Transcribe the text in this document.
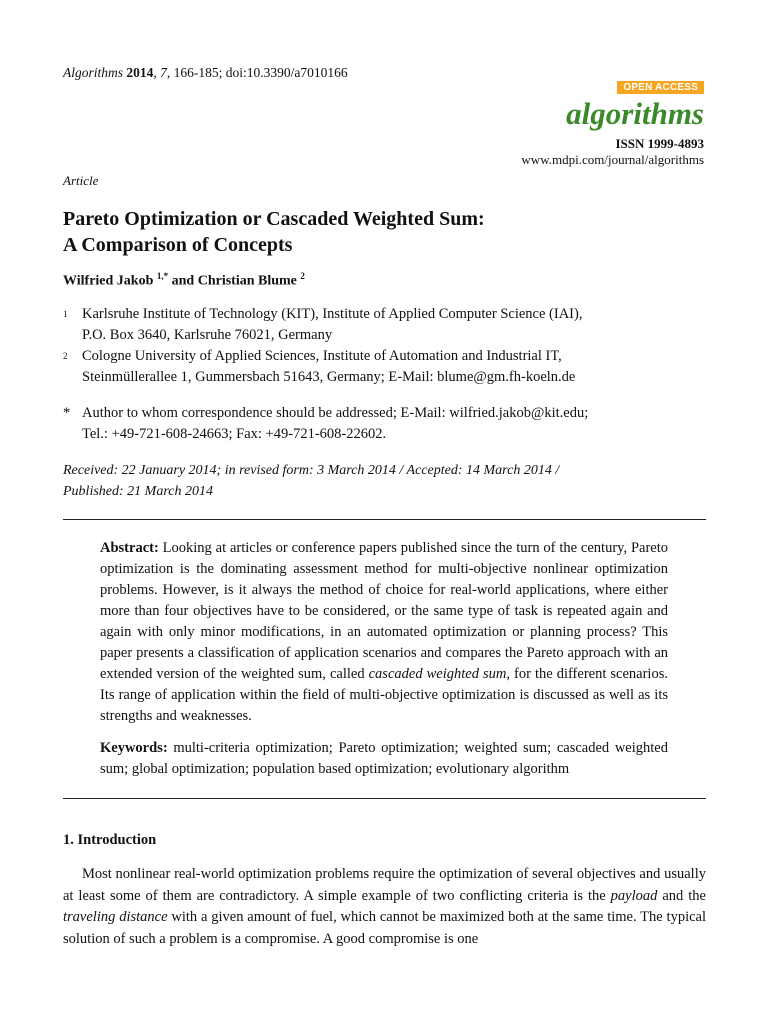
Algorithms 2014, 7, 166-185; doi:10.3390/a7010166
OPEN ACCESS
algorithms
ISSN 1999-4893
www.mdpi.com/journal/algorithms
Article
Pareto Optimization or Cascaded Weighted Sum:
A Comparison of Concepts
Wilfried Jakob $^{1,*}$ and Christian Blume $^2$
1 Karlsruhe Institute of Technology (KIT), Institute of Applied Computer Science (IAI),
P.O. Box 3640, Karlsruhe 76021, Germany
2 Cologne University of Applied Sciences, Institute of Automation and Industrial IT,
Steinmüllerallee 1, Gummersbach 51643, Germany; E-Mail: blume@gm.fh-koeln.de
* Author to whom correspondence should be addressed; E-Mail: wilfried.jakob@kit.edu;
Tel.: +49-721-608-24663; Fax: +49-721-608-22602.
Received: 22 January 2014; in revised form: 3 March 2014 / Accepted: 14 March 2014 /
Published: 21 March 2014

Abstract: Looking at articles or conference papers published since the turn of the century, Pareto optimization is the dominating assessment method for multi-objective nonlinear optimization problems. However, is it always the method of choice for real-world applications, where either more than four objectives have to be considered, or the same type of task is repeated again and again with only minor modifications, in an automated optimization or planning process? This paper presents a classification of application scenarios and compares the Pareto approach with an extended version of the weighted sum, called cascaded weighted sum, for the different scenarios. Its range of application within the field of multi-objective optimization is discussed as well as its strengths and weaknesses.

Keywords: multi-criteria optimization; Pareto optimization; weighted sum; cascaded weighted sum; global optimization; population based optimization; evolutionary algorithm

1. Introduction

Most nonlinear real-world optimization problems require the optimization of several objectives and usually at least some of them are contradictory. A simple example of two conflicting criteria is the payload and the traveling distance with a given amount of fuel, which cannot be maximized both at the same time. The typical solution of such a problem is a compromise. A good compromise is one
